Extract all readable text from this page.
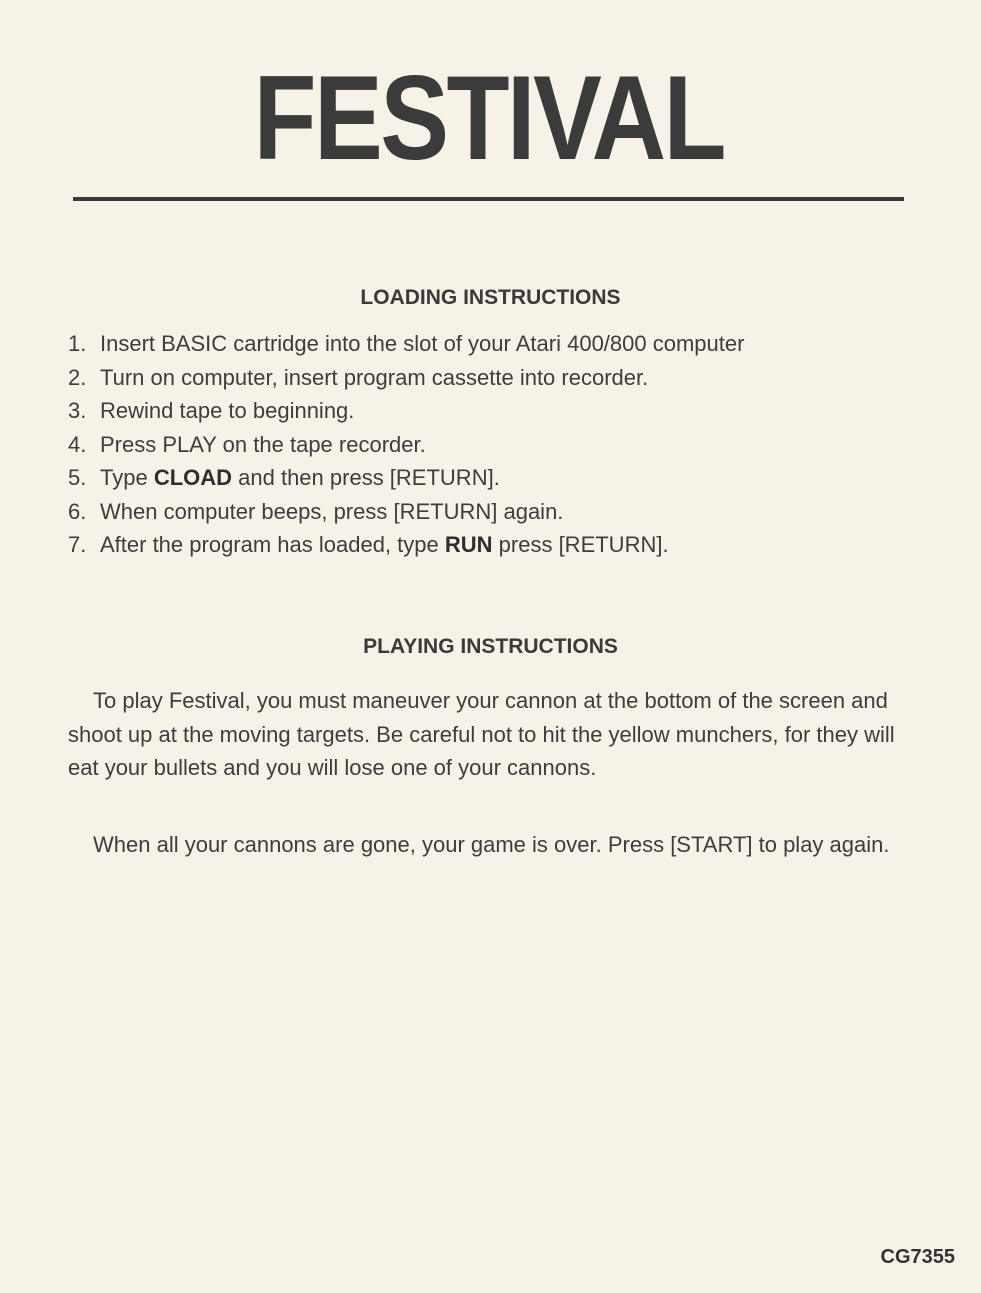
FESTIVAL
LOADING INSTRUCTIONS
1. Insert BASIC cartridge into the slot of your Atari 400/800 computer
2. Turn on computer, insert program cassette into recorder.
3. Rewind tape to beginning.
4. Press PLAY on the tape recorder.
5. Type CLOAD and then press [RETURN].
6. When computer beeps, press [RETURN] again.
7. After the program has loaded, type RUN press [RETURN].
PLAYING INSTRUCTIONS

To play Festival, you must maneuver your cannon at the bottom of the screen and shoot up at the moving targets. Be careful not to hit the yellow munchers, for they will eat your bullets and you will lose one of your cannons.

When all your cannons are gone, your game is over. Press [START] to play again.

CG7355
